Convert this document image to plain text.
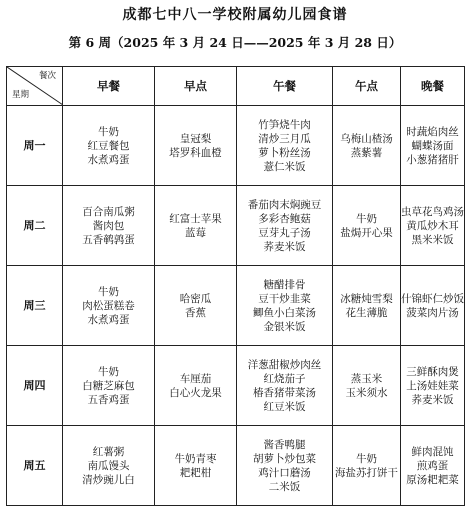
成都七中八一学校附属幼儿园食谱
第 6 周（2025 年 3 月 24 日——2025 年 3 月 28 日）
餐次
星期	早餐	早点	午餐	午点	晚餐
周一	牛奶
红豆餐包
水煮鸡蛋	皇冠梨
塔罗科血橙	竹笋烧牛肉
清炒三月瓜
萝卜粉丝汤
薏仁米饭	乌梅山楂汤
蒸紫薯	时蔬焰肉丝
蝴蝶汤面
小葱猪猪肝

周二	百合南瓜粥
酱肉包
五香鹌鹑蛋	红富士苹果
蓝莓	番茄肉末焖豌豆
多彩杏鲍菇
豆芽丸子汤
荞麦米饭	牛奶
盐焗开心果	虫草花鸟鸡汤
黄瓜炒木耳
黑米米饭

周三	牛奶
肉松蛋糕卷
水煮鸡蛋	哈密瓜
香蕉	糖醋排骨
豆干炒韭菜
鲫鱼小白菜汤
金银米饭	冰糖炖雪梨
花生薄脆	什锦虾仁炒饭
菠菜肉片汤

周四	牛奶
白糖芝麻包
五香鸡蛋	车厘茄
白心火龙果	洋葱甜椒炒肉丝
红烧茄子
椿香猪带菜汤
红豆米饭	蒸玉米
玉米须水	三鲜酥肉煲
上汤娃娃菜
荞麦米饭

周五	红薯粥
南瓜馒头
清炒豌儿白	牛奶青枣
耙耙柑	酱香鸭腿
胡萝卜炒包菜
鸡汁口蘑汤
二米饭	牛奶
海盐苏打饼干	鲜肉混饨
煎鸡蛋
原汤耙耙菜
